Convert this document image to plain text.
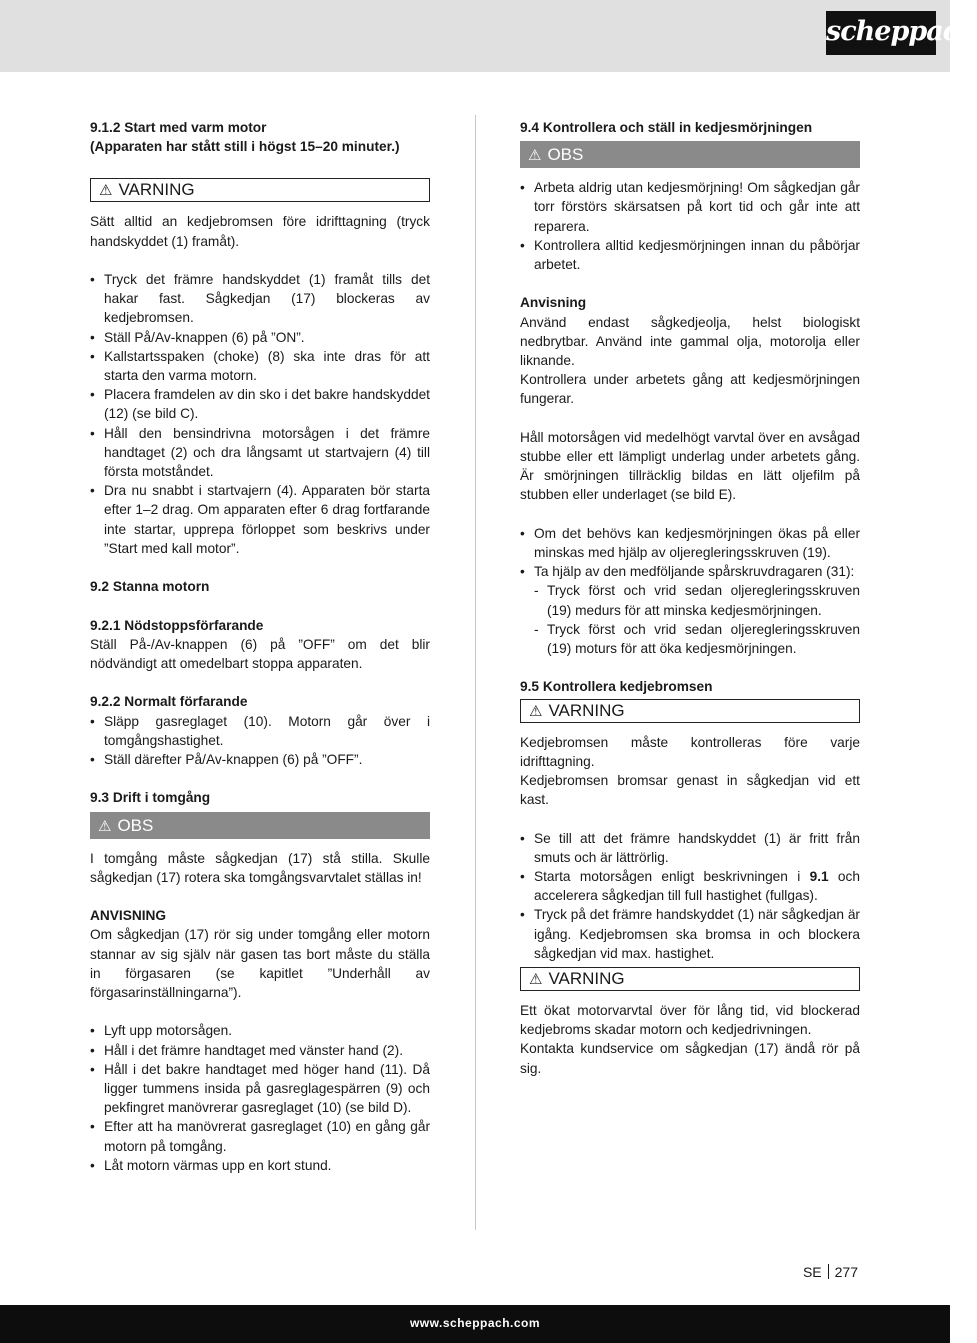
scheppach

9.1.2 Start med varm motor

(Apparaten har stått still i högst 15–20 minuter.)

⚠ VARNING

Sätt alltid an kedjebromsen före idrifttagning (tryck handskyddet (1) framåt).

• Tryck det främre handskyddet (1) framåt tills det hakar fast. Sågkedjan (17) blockeras av kedjebromsen.
• Ställ På/Av-knappen (6) på ”ON”.
• Kallstartsspaken (choke) (8) ska inte dras för att starta den varma motorn.
• Placera framdelen av din sko i det bakre handskyddet (12) (se bild C).
• Håll den bensindrivna motorsågen i det främre handtaget (2) och dra långsamt ut startvajern (4) till första motståndet.
• Dra nu snabbt i startvajern (4). Apparaten bör starta efter 1–2 drag. Om apparaten efter 6 drag fortfarande inte startar, upprepa förloppet som beskrivs under ”Start med kall motor”.

9.2 Stanna motorn

9.2.1 Nödstoppsförfarande

Ställ På-/Av-knappen (6) på ”OFF” om det blir nödvändigt att omedelbart stoppa apparaten.

9.2.2 Normalt förfarande

• Släpp gasreglaget (10). Motorn går över i tomgångshastighet.
• Ställ därefter På/Av-knappen (6) på ”OFF”.

9.3 Drift i tomgång

⚠ OBS

I tomgång måste sågkedjan (17) stå stilla. Skulle sågkedjan (17) rotera ska tomgångsvarvtalet ställas in!

ANVISNING

Om sågkedjan (17) rör sig under tomgång eller motorn stannar av sig själv när gasen tas bort måste du ställa in förgasaren (se kapitlet ”Underhåll av förgasarinställningarna”).

• Lyft upp motorsågen.
• Håll i det främre handtaget med vänster hand (2).
• Håll i det bakre handtaget med höger hand (11). Då ligger tummens insida på gasreglagespärren (9) och pekfingret manövrerar gasreglaget (10) (se bild D).
• Efter att ha manövrerat gasreglaget (10) en gång går motorn på tomgång.
• Låt motorn värmas upp en kort stund.

9.4 Kontrollera och ställ in kedjesmörjningen

⚠ OBS
• Arbeta aldrig utan kedjesmörjning! Om sågkedjan går torr förstörs skärsatsen på kort tid och går inte att reparera.
• Kontrollera alltid kedjesmörjningen innan du påbörjar arbetet.

Anvisning

Använd endast sågkedjeolja, helst biologiskt nedbrytbar. Använd inte gammal olja, motorolja eller liknande.

Kontrollera under arbetets gång att kedjesmörjningen fungerar.

Håll motorsågen vid medelhögt varvtal över en avsågad stubbe eller ett lämpligt underlag under arbetets gång. Är smörjningen tillräcklig bildas en lätt oljefilm på stubben eller underlaget (se bild E).

• Om det behövs kan kedjesmörjningen ökas på eller minskas med hjälp av oljeregleringsskruven (19).
• Ta hjälp av den medföljande spårskruvdragaren (31):
- Tryck först och vrid sedan oljeregleringsskruven (19) medurs för att minska kedjesmörjningen.
- Tryck först och vrid sedan oljeregleringsskruven (19) moturs för att öka kedjesmörjningen.

9.5 Kontrollera kedjebromsen

⚠ VARNING

Kedjebromsen måste kontrolleras före varje idrifttagning.

Kedjebromsen bromsar genast in sågkedjan vid ett kast.

• Se till att det främre handskyddet (1) är fritt från smuts och är lättrörlig.
• Starta motorsågen enligt beskrivningen i 9.1 och accelerera sågkedjan till full hastighet (fullgas).
• Tryck på det främre handskyddet (1) när sågkedjan är igång. Kedjebromsen ska bromsa in och blockera sågkedjan vid max. hastighet.
⚠ VARNING

Ett ökat motorvarvtal över för lång tid, vid blockerad kedjebroms skadar motorn och kedjedrivningen.

Kontakta kundservice om sågkedjan (17) ändå rör på sig.

SE 277
www.scheppach.com
